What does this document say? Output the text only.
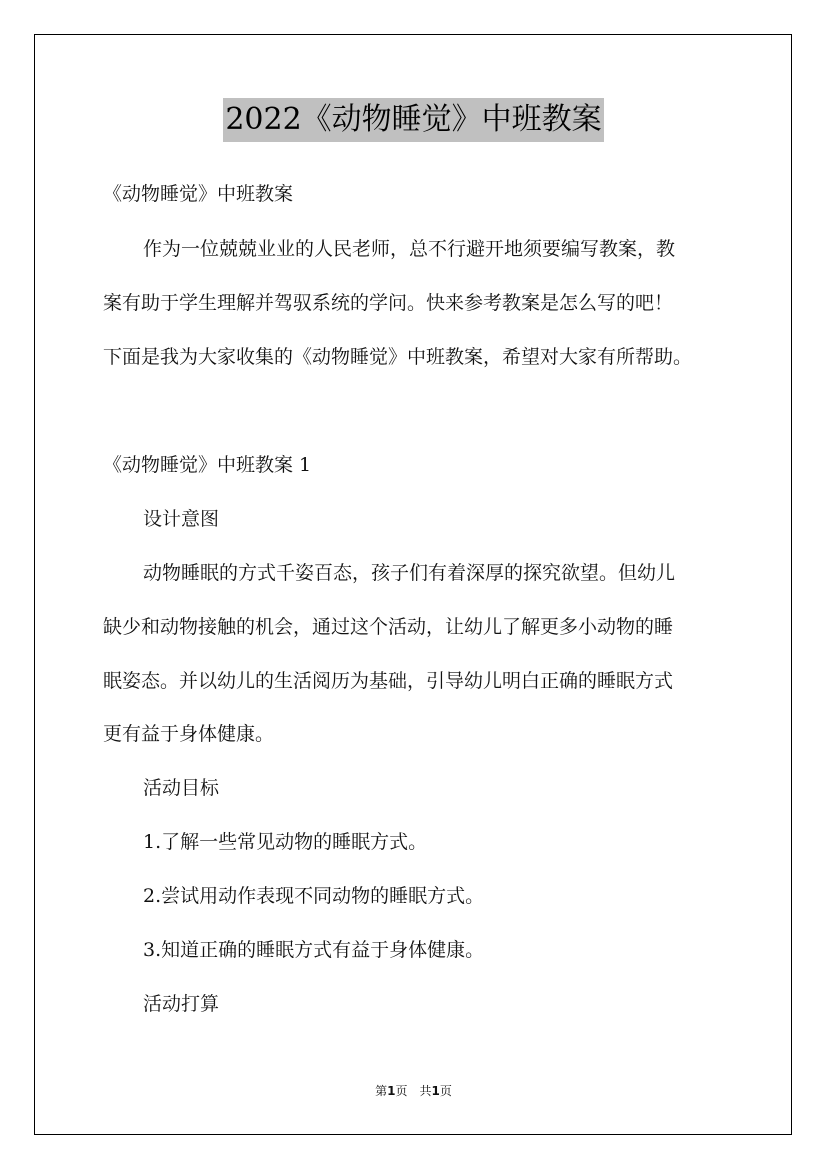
2022《动物睡觉》中班教案
《动物睡觉》中班教案
作为一位兢兢业业的人民老师，总不行避开地须要编写教案，教
案有助于学生理解并驾驭系统的学问。快来参考教案是怎么写的吧！
下面是我为大家收集的《动物睡觉》中班教案，希望对大家有所帮助。
《动物睡觉》中班教案 1
设计意图
动物睡眠的方式千姿百态，孩子们有着深厚的探究欲望。但幼儿
缺少和动物接触的机会，通过这个活动，让幼儿了解更多小动物的睡
眠姿态。并以幼儿的生活阅历为基础，引导幼儿明白正确的睡眠方式
更有益于身体健康。
活动目标
1.了解一些常见动物的睡眠方式。
2.尝试用动作表现不同动物的睡眠方式。
3.知道正确的睡眠方式有益于身体健康。
活动打算
第1页 共1页
